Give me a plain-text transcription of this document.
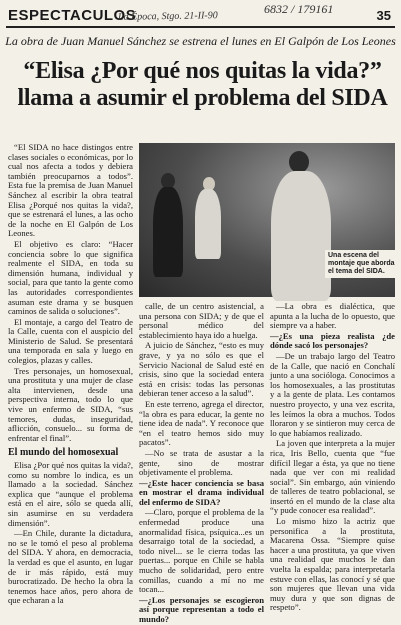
ESPECTACULOS
La Época, Stgo. 21-II-90
6832 / 179161	35
La obra de Juan Manuel Sánchez se estrena el lunes en El Galpón de Los Leones
“Elisa ¿Por qué nos quitas la vida?”
llama a asumir el problema del SIDA

“El SIDA no hace distingos entre clases sociales o económicas, por lo cual nos afecta a todos y debiera también preocuparnos a todos”. Esta fue la premisa de Juan Manuel Sánchez al escribir la obra teatral Elisa ¿Porqué nos quitas la vida?, que se estrenará el lunes, a las ocho de la noche en El Galpón de Los Leones.

El objetivo es claro: “Hacer conciencia sobre lo que significa realmente el SIDA, en toda su dimensión humana, individual y social, para que tanto la gente como las autoridades correspondientes asuman este drama y se busquen caminos de salida o soluciones”.

El montaje, a cargo del Teatro de la Calle, cuenta con el auspicio del Ministerio de Salud. Se presentará una temporada en sala y luego en colegios, plazas y calles.

Tres personajes, un homosexual, una prostituta y una mujer de clase alta intervienen, desde una perspectiva interna, todo lo que vive un enfermo de SIDA, “sus temores, dudas, inseguridad, aflicción, consuelo... su forma de enfrentar el final”.

El mundo del homosexual

Elisa ¿Por qué nos quitas la vida?, como su nombre lo indica, es un llamado a la sociedad. Sánchez explica que “aunque el problema está en el aire, sólo se queda allí, sin asumirse en su verdadera dimensión”.

—En Chile, durante la dictadura, no se le tomó el peso al problema del SIDA. Y ahora, en democracia, la verdad es que el asunto, en lugar de ir más rápido, está muy burocratizado. De hecho la obra la tenemos hace años, pero ahora de que echaran a la

Una escena del montaje que aborda el tema del SIDA.

calle, de un centro asistencial, a una persona con SIDA; y de que el personal médico del establecimiento haya ido a huelga.

A juicio de Sánchez, “esto es muy grave, y ya no sólo es que el Servicio Nacional de Salud esté en crisis, sino que la sociedad entera está en crisis: todas las personas debieran tener acceso a la salud”.

En este terreno, agrega el director, “la obra es para educar, la gente no tiene idea de nada”. Y reconoce que “en el teatro hemos sido muy pacatos”.

—No se trata de asustar a la gente, sino de mostrar objetivamente el problema.

—¿Este hacer conciencia se basa en mostrar el drama individual del enfermo de SIDA?

—Claro, porque el problema de la enfermedad produce una anormalidad física, psíquica...es un desarraigo total de la sociedad, a todo nivel... se le cierra todas las puertas... porque en Chile se habla mucho de solidaridad, pero entre comillas, cuando a mí no me tocan...

—¿Los personajes se escogieron así porque representan a todo el mundo?

—La obra es dialéctica, que apunta a la lucha de lo opuesto, que siempre va a haber.

—¿Es una pieza realista ¿de dónde sacó los personajes?

—De un trabajo largo del Teatro de la Calle, que nació en Conchalí junto a una socióloga. Conocimos a los homosexuales, a las prostitutas y a la gente de plata. Les contamos nuestro proyecto, y una vez escrita, les leímos la obra a muchos. Todos lloraron y se sintieron muy cerca de lo que habíamos realizado.

La joven que interpreta a la mujer rica, Iris Bello, cuenta que “fue difícil llegar a ésta, ya que no tiene nada que ver con mi realidad social”. Sin embargo, aún viniendo de talleres de teatro poblacional, se insertó en el mundo de la clase alta “y pude conocer esa realidad”.

Lo mismo hizo la actriz que personifica a la prostituta, Macarena Ossa. “Siempre quise hacer a una prostituta, ya que viven una realidad que muchos le dan vuelta la espalda; para interpretarla estuve con ellas, las conocí y sé que son mujeres que llevan una vida muy dura y que son dignas de respeto”.
